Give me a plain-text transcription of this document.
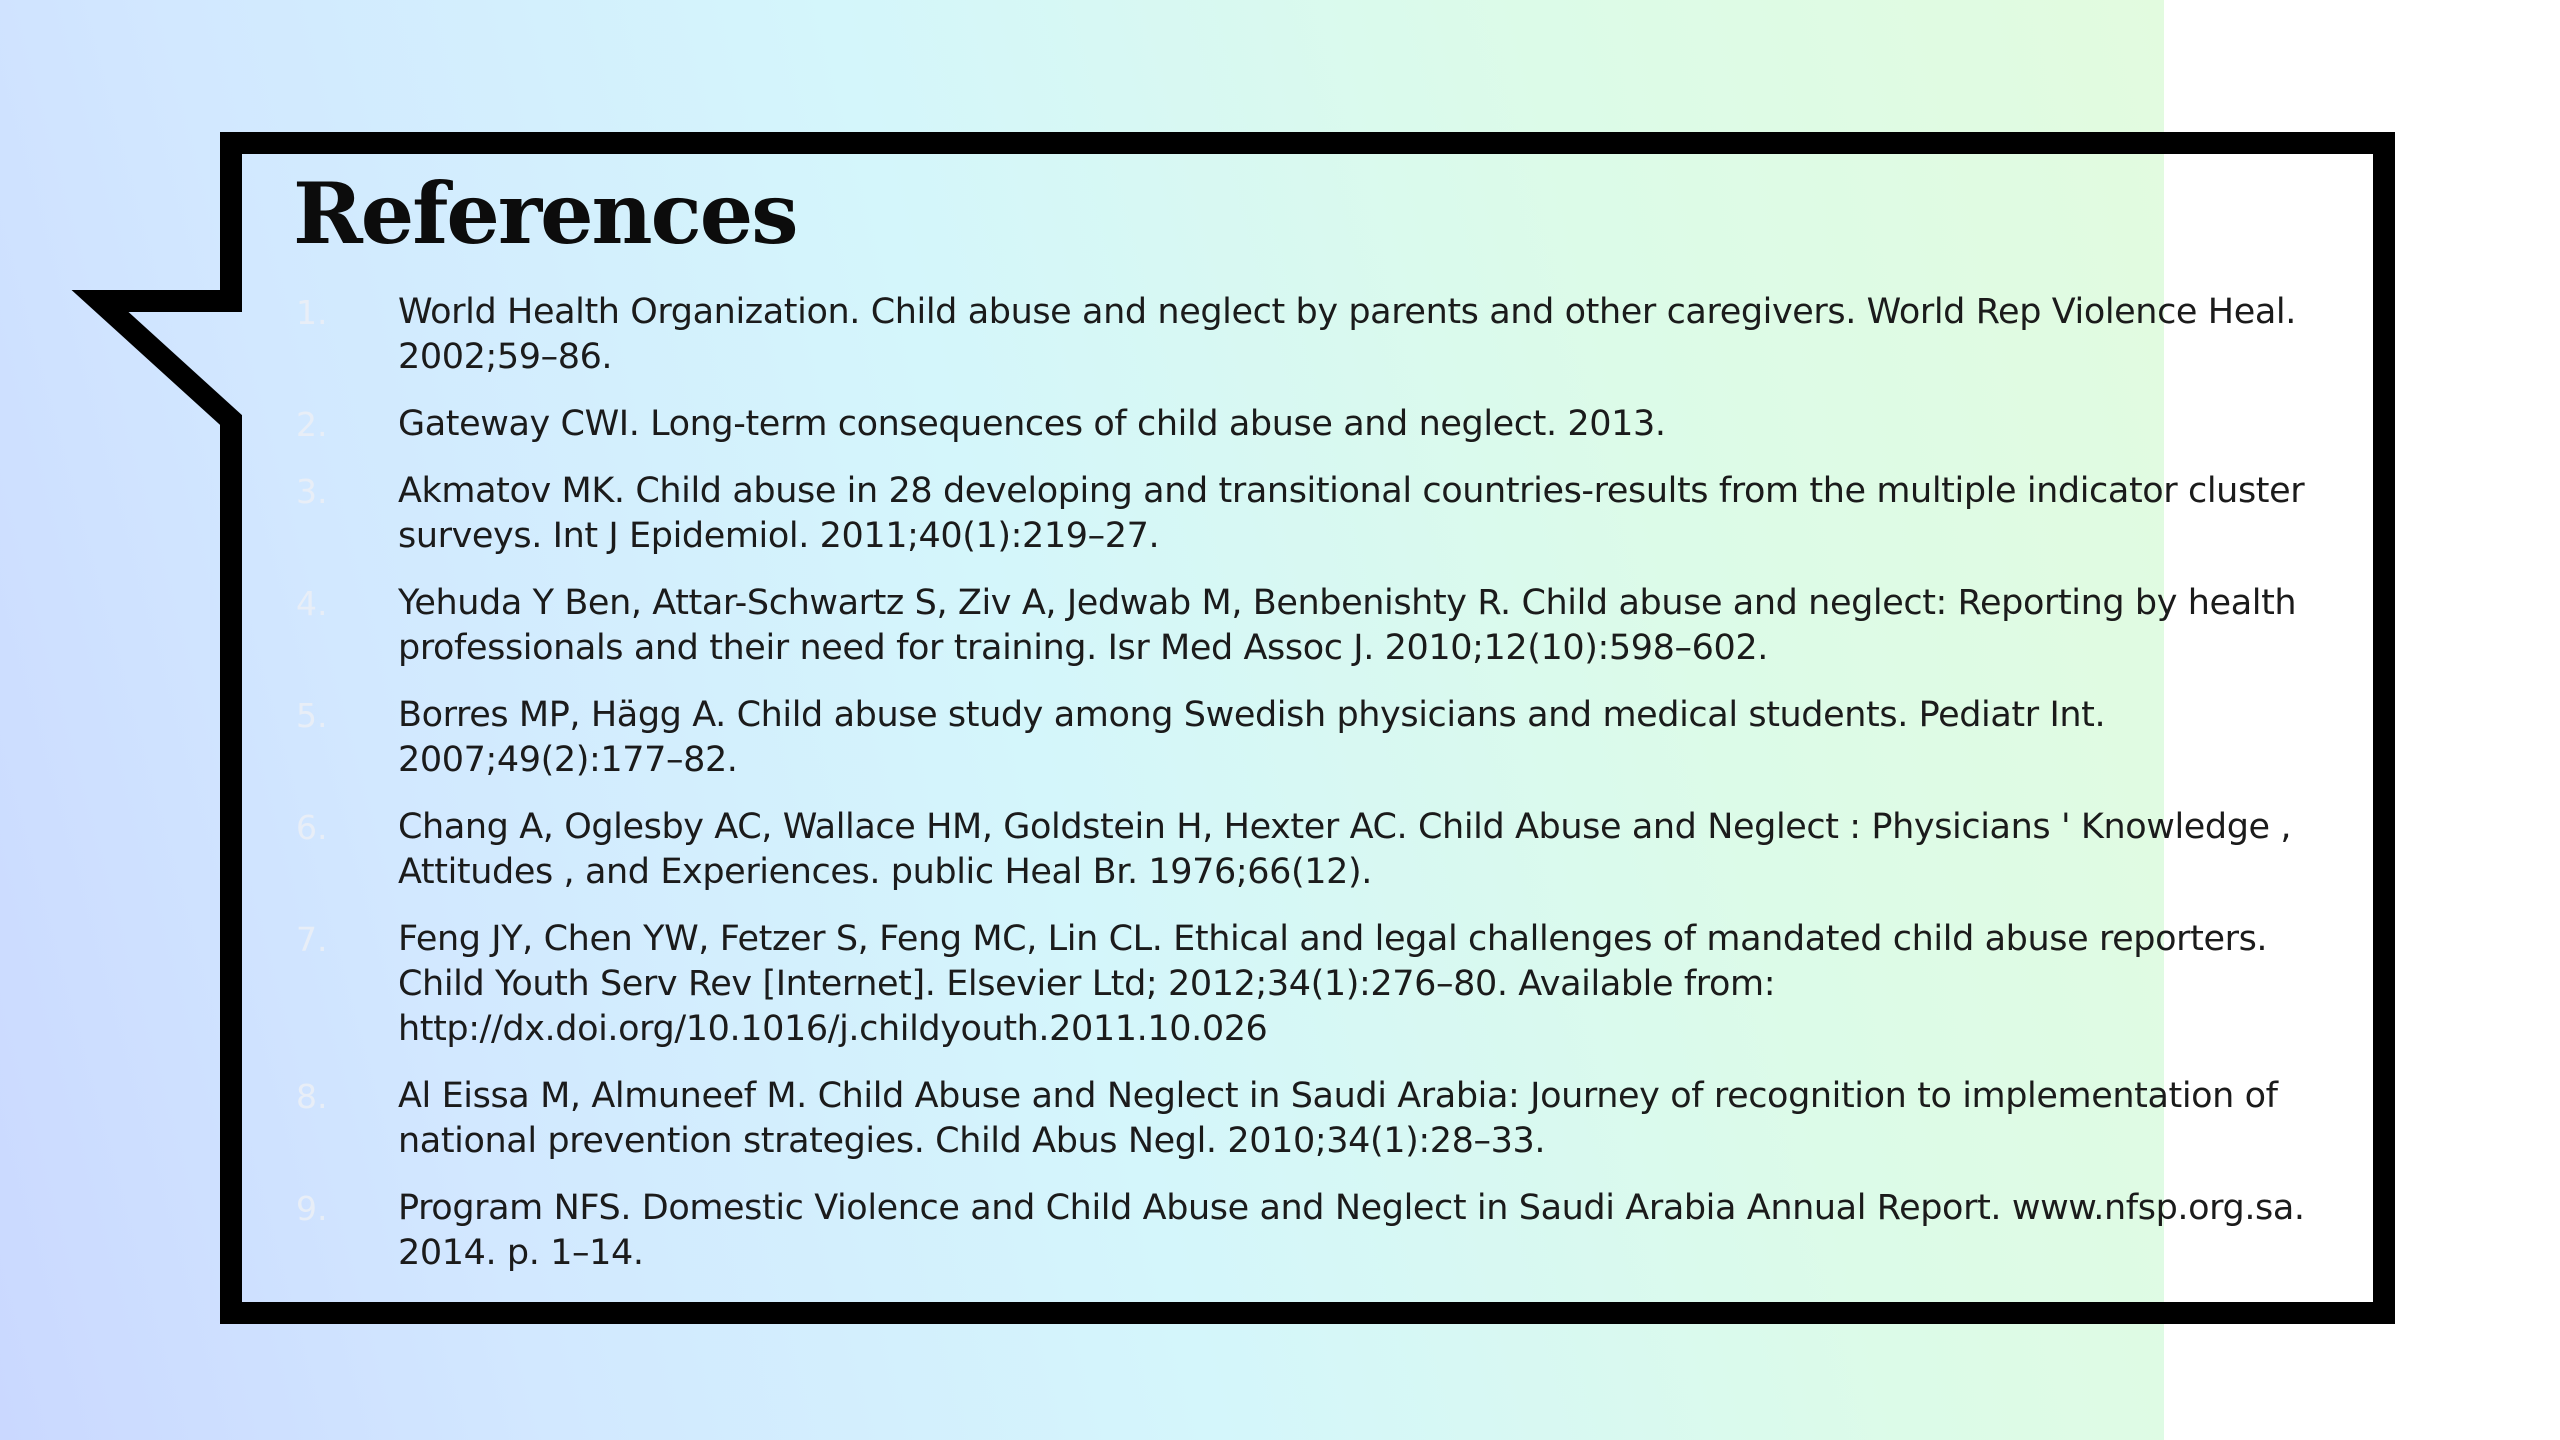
References
1.	World Health Organization. Child abuse and neglect by parents and other caregivers. World Rep Violence Heal. 2002;59–86.
2.	Gateway CWI. Long-term consequences of child abuse and neglect. 2013.
3.	Akmatov MK. Child abuse in 28 developing and transitional countries-results from the multiple indicator cluster surveys. Int J Epidemiol. 2011;40(1):219–27.
4.	Yehuda Y Ben, Attar-Schwartz S, Ziv A, Jedwab M, Benbenishty R. Child abuse and neglect: Reporting by health professionals and their need for training. Isr Med Assoc J. 2010;12(10):598–602.
5.	Borres MP, Hägg A. Child abuse study among Swedish physicians and medical students. Pediatr Int. 2007;49(2):177–82.
6.	Chang A, Oglesby AC, Wallace HM, Goldstein H, Hexter AC. Child Abuse and Neglect : Physicians ' Knowledge , Attitudes , and Experiences. public Heal Br. 1976;66(12).
7.	Feng JY, Chen YW, Fetzer S, Feng MC, Lin CL. Ethical and legal challenges of mandated child abuse reporters. Child Youth Serv Rev [Internet]. Elsevier Ltd; 2012;34(1):276–80. Available from: http://dx.doi.org/10.1016/j.childyouth.2011.10.026
8.	Al Eissa M, Almuneef M. Child Abuse and Neglect in Saudi Arabia: Journey of recognition to implementation of national prevention strategies. Child Abus Negl. 2010;34(1):28–33.
9.	Program NFS. Domestic Violence and Child Abuse and Neglect in Saudi Arabia Annual Report. www.nfsp.org.sa. 2014. p. 1–14.
